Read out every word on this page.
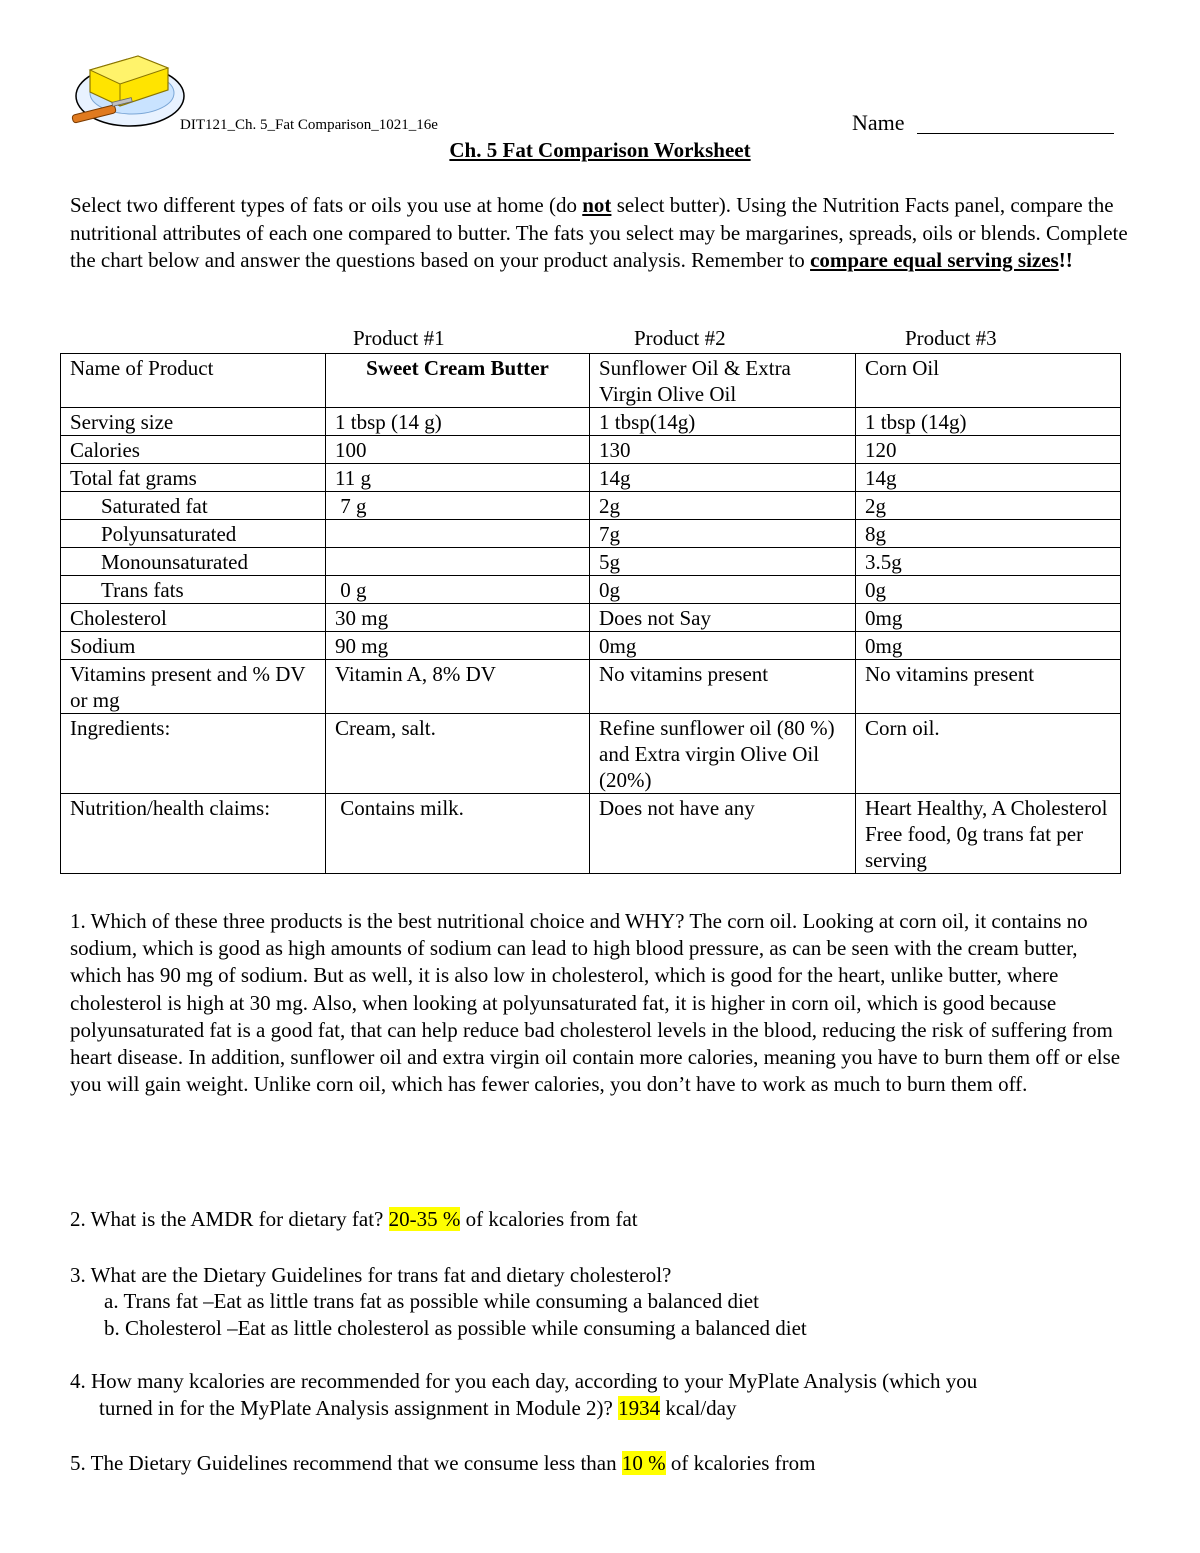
DIT121_Ch. 5_Fat Comparison_1021_16e	Name
Ch. 5 Fat Comparison Worksheet

Select two different types of fats or oils you use at home (do not select butter). Using the Nutrition Facts panel, compare the nutritional attributes of each one compared to butter. The fats you select may be margarines, spreads, oils or blends. Complete the chart below and answer the questions based on your product analysis. Remember to compare equal serving sizes!!

Product #1	Product #2	Product #3
Name of Product	Sweet Cream Butter	Sunflower Oil & Extra Virgin Olive Oil	Corn Oil
Serving size	1 tbsp (14 g)	1 tbsp(14g)	1 tbsp (14g)
Calories	100	130	120
Total fat grams	11 g	14g	14g
Saturated fat	7 g	2g	2g
Polyunsaturated		7g	8g
Monounsaturated		5g	3.5g
Trans fats	0 g	0g	0g
Cholesterol	30 mg	Does not Say	0mg
Sodium	90 mg	0mg	0mg
Vitamins present and % DV or mg	Vitamin A, 8% DV	No vitamins present	No vitamins present
Ingredients:	Cream, salt.	Refine sunflower oil (80 %) and Extra virgin Olive Oil (20%)	Corn oil.
Nutrition/health claims:	Contains milk.	Does not have any	Heart Healthy, A Cholesterol Free food, 0g trans fat per serving

1. Which of these three products is the best nutritional choice and WHY? The corn oil. Looking at corn oil, it contains no sodium, which is good as high amounts of sodium can lead to high blood pressure, as can be seen with the cream butter, which has 90 mg of sodium. But as well, it is also low in cholesterol, which is good for the heart, unlike butter, where cholesterol is high at 30 mg. Also, when looking at polyunsaturated fat, it is higher in corn oil, which is good because polyunsaturated fat is a good fat, that can help reduce bad cholesterol levels in the blood, reducing the risk of suffering from heart disease. In addition, sunflower oil and extra virgin oil contain more calories, meaning you have to burn them off or else you will gain weight. Unlike corn oil, which has fewer calories, you don’t have to work as much to burn them off.

2. What is the AMDR for dietary fat? 20-35 % of kcalories from fat

3. What are the Dietary Guidelines for trans fat and dietary cholesterol?

a. Trans fat –Eat as little trans fat as possible while consuming a balanced diet

b. Cholesterol –Eat as little cholesterol as possible while consuming a balanced diet

4. How many kcalories are recommended for you each day, according to your MyPlate Analysis (which you

turned in for the MyPlate Analysis assignment in Module 2)? 1934 kcal/day

5. The Dietary Guidelines recommend that we consume less than 10 % of kcalories from
